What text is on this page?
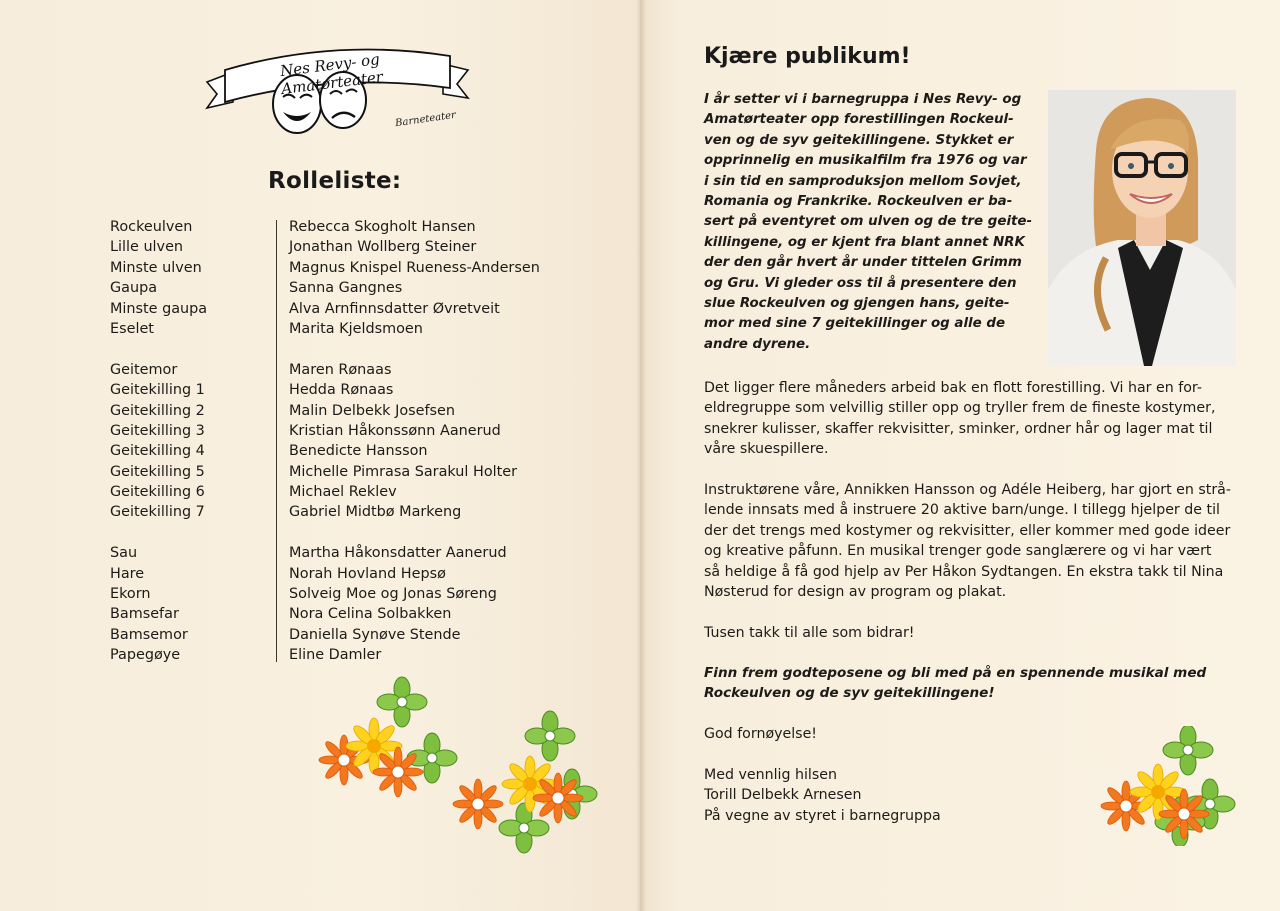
Nes Revy- og Amatørteater
Barneteater
Rolleliste:
Rockeulven
Lille ulven
Minste ulven
Gaupa
Minste gaupa
Eselet
Geitemor
Geitekilling 1
Geitekilling 2
Geitekilling 3
Geitekilling 4
Geitekilling 5
Geitekilling 6
Geitekilling 7
Sau
Hare
Ekorn
Bamsefar
Bamsemor
Papegøye
Rebecca Skogholt Hansen
Jonathan Wollberg Steiner
Magnus Knispel Rueness-Andersen
Sanna Gangnes
Alva Arnfinnsdatter Øvretveit
Marita Kjeldsmoen
Maren Rønaas
Hedda Rønaas
Malin Delbekk Josefsen
Kristian Håkonssønn Aanerud
Benedicte Hansson
Michelle Pimrasa Sarakul Holter
Michael Reklev
Gabriel Midtbø Markeng
Martha Håkonsdatter Aanerud
Norah Hovland Hepsø
Solveig Moe og Jonas Søreng
Nora Celina Solbakken
Daniella Synøve Stende
Eline Damler
Kjære publikum!
I år setter vi i barnegruppa i Nes Revy- og
Amatørteater opp forestillingen Rockeul-
ven og de syv geitekillingene. Stykket er
opprinnelig en musikalfilm fra 1976 og var
i sin tid en samproduksjon mellom Sovjet,
Romania og Frankrike. Rockeulven er ba-
sert på eventyret om ulven og de tre geite-
killingene, og er kjent fra blant annet NRK
der den går hvert år under tittelen Grimm
og Gru. Vi gleder oss til å presentere den
slue Rockeulven og gjengen hans, geite-
mor med sine 7 geitekillinger og alle de
andre dyrene.
Det ligger flere måneders arbeid bak en flott forestilling. Vi har en for-
eldregruppe som velvillig stiller opp og tryller frem de fineste kostymer,
snekrer kulisser, skaffer rekvisitter, sminker, ordner hår og lager mat til
våre skuespillere.
Instruktørene våre, Annikken Hansson og Adéle Heiberg, har gjort en strå-
lende innsats med å instruere 20 aktive barn/unge. I tillegg hjelper de til
der det trengs med kostymer og rekvisitter, eller kommer med gode ideer
og kreative påfunn. En musikal trenger gode sanglærere og vi har vært
så heldige å få god hjelp av Per Håkon Sydtangen. En ekstra takk til Nina
Nøsterud for design av program og plakat.
Tusen takk til alle som bidrar!
Finn frem godteposene og bli med på en spennende musikal med
Rockeulven og de syv geitekillingene!
God fornøyelse!
Med vennlig hilsen
Torill Delbekk Arnesen
På vegne av styret i barnegruppa
